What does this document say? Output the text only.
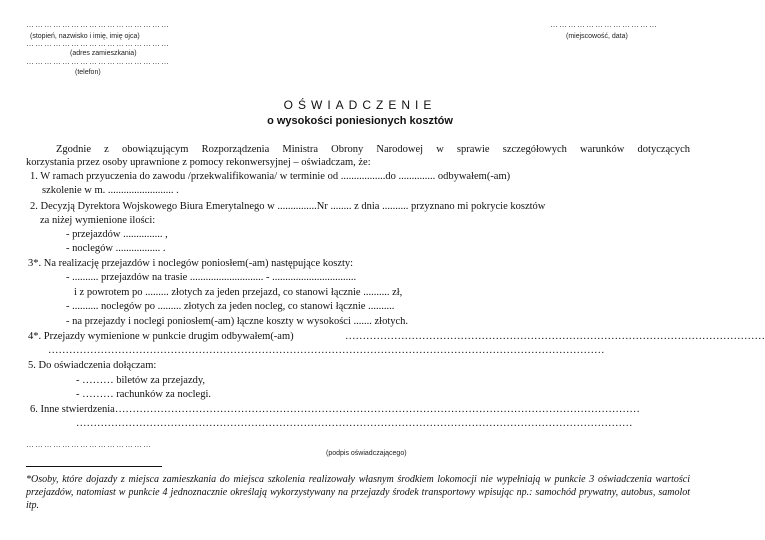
…………………………………………
(stopień, nazwisko i imię, imię ojca)
…………………………………………
(adres zamieszkania)
…………………………………………
(telefon)
………………………………
(miejscowość, data)
OŚWIADCZENIE
o wysokości poniesionych kosztów
Zgodnie z obowiązującym Rozporządzenia Ministra Obrony Narodowej w sprawie szczegółowych warunków dotyczących
korzystania przez osoby uprawnione z pomocy rekonwersyjnej – oświadczam, że:
1. W ramach przyuczenia do zawodu /przekwalifikowania/ w terminie od .................do .............. odbywałem(-am)
szkolenie w m. ......................... .
2. Decyzją Dyrektora Wojskowego Biura Emerytalnego w ...............Nr ........ z dnia .......... przyznano mi pokrycie kosztów
za niżej wymienione ilości:
- przejazdów ............... ,
- noclegów ................. .
3*. Na realizację przejazdów i noclegów poniosłem(-am) następujące koszty:
- .......... przejazdów na trasie ............................ - ................................
i z powrotem po ......... złotych za jeden przejazd, co stanowi łącznie .......... zł,
- .......... noclegów po ......... złotych za jeden nocleg, co stanowi łącznie ..........
- na przejazdy i noclegi poniosłem(-am) łączne koszty w wysokości ....... złotych.
4*. Przejazdy wymienione w punkcie drugim odbywałem(-am)	…………………………………………………………………………………………………………
……………………………………………………………………………………………………………………………………………
5. Do oświadczenia dołączam:
- ……… biletów za przejazdy,
- ……… rachunków za noclegi.
6. Inne stwierdzenia……………………………………………………………………………………………………………………………………
……………………………………………………………………………………………………………………………………………
……………………………………
(podpis oświadczającego)
*Osoby, które dojazdy z miejsca zamieszkania do miejsca szkolenia realizowały własnym środkiem lokomocji nie wypełniają w punkcie 3 oświadczenia wartości przejazdów, natomiast w punkcie 4 jednoznacznie określają wykorzystywany na przejazdy środek transportowy wpisując np.: samochód prywatny, autobus, samolot itp.
